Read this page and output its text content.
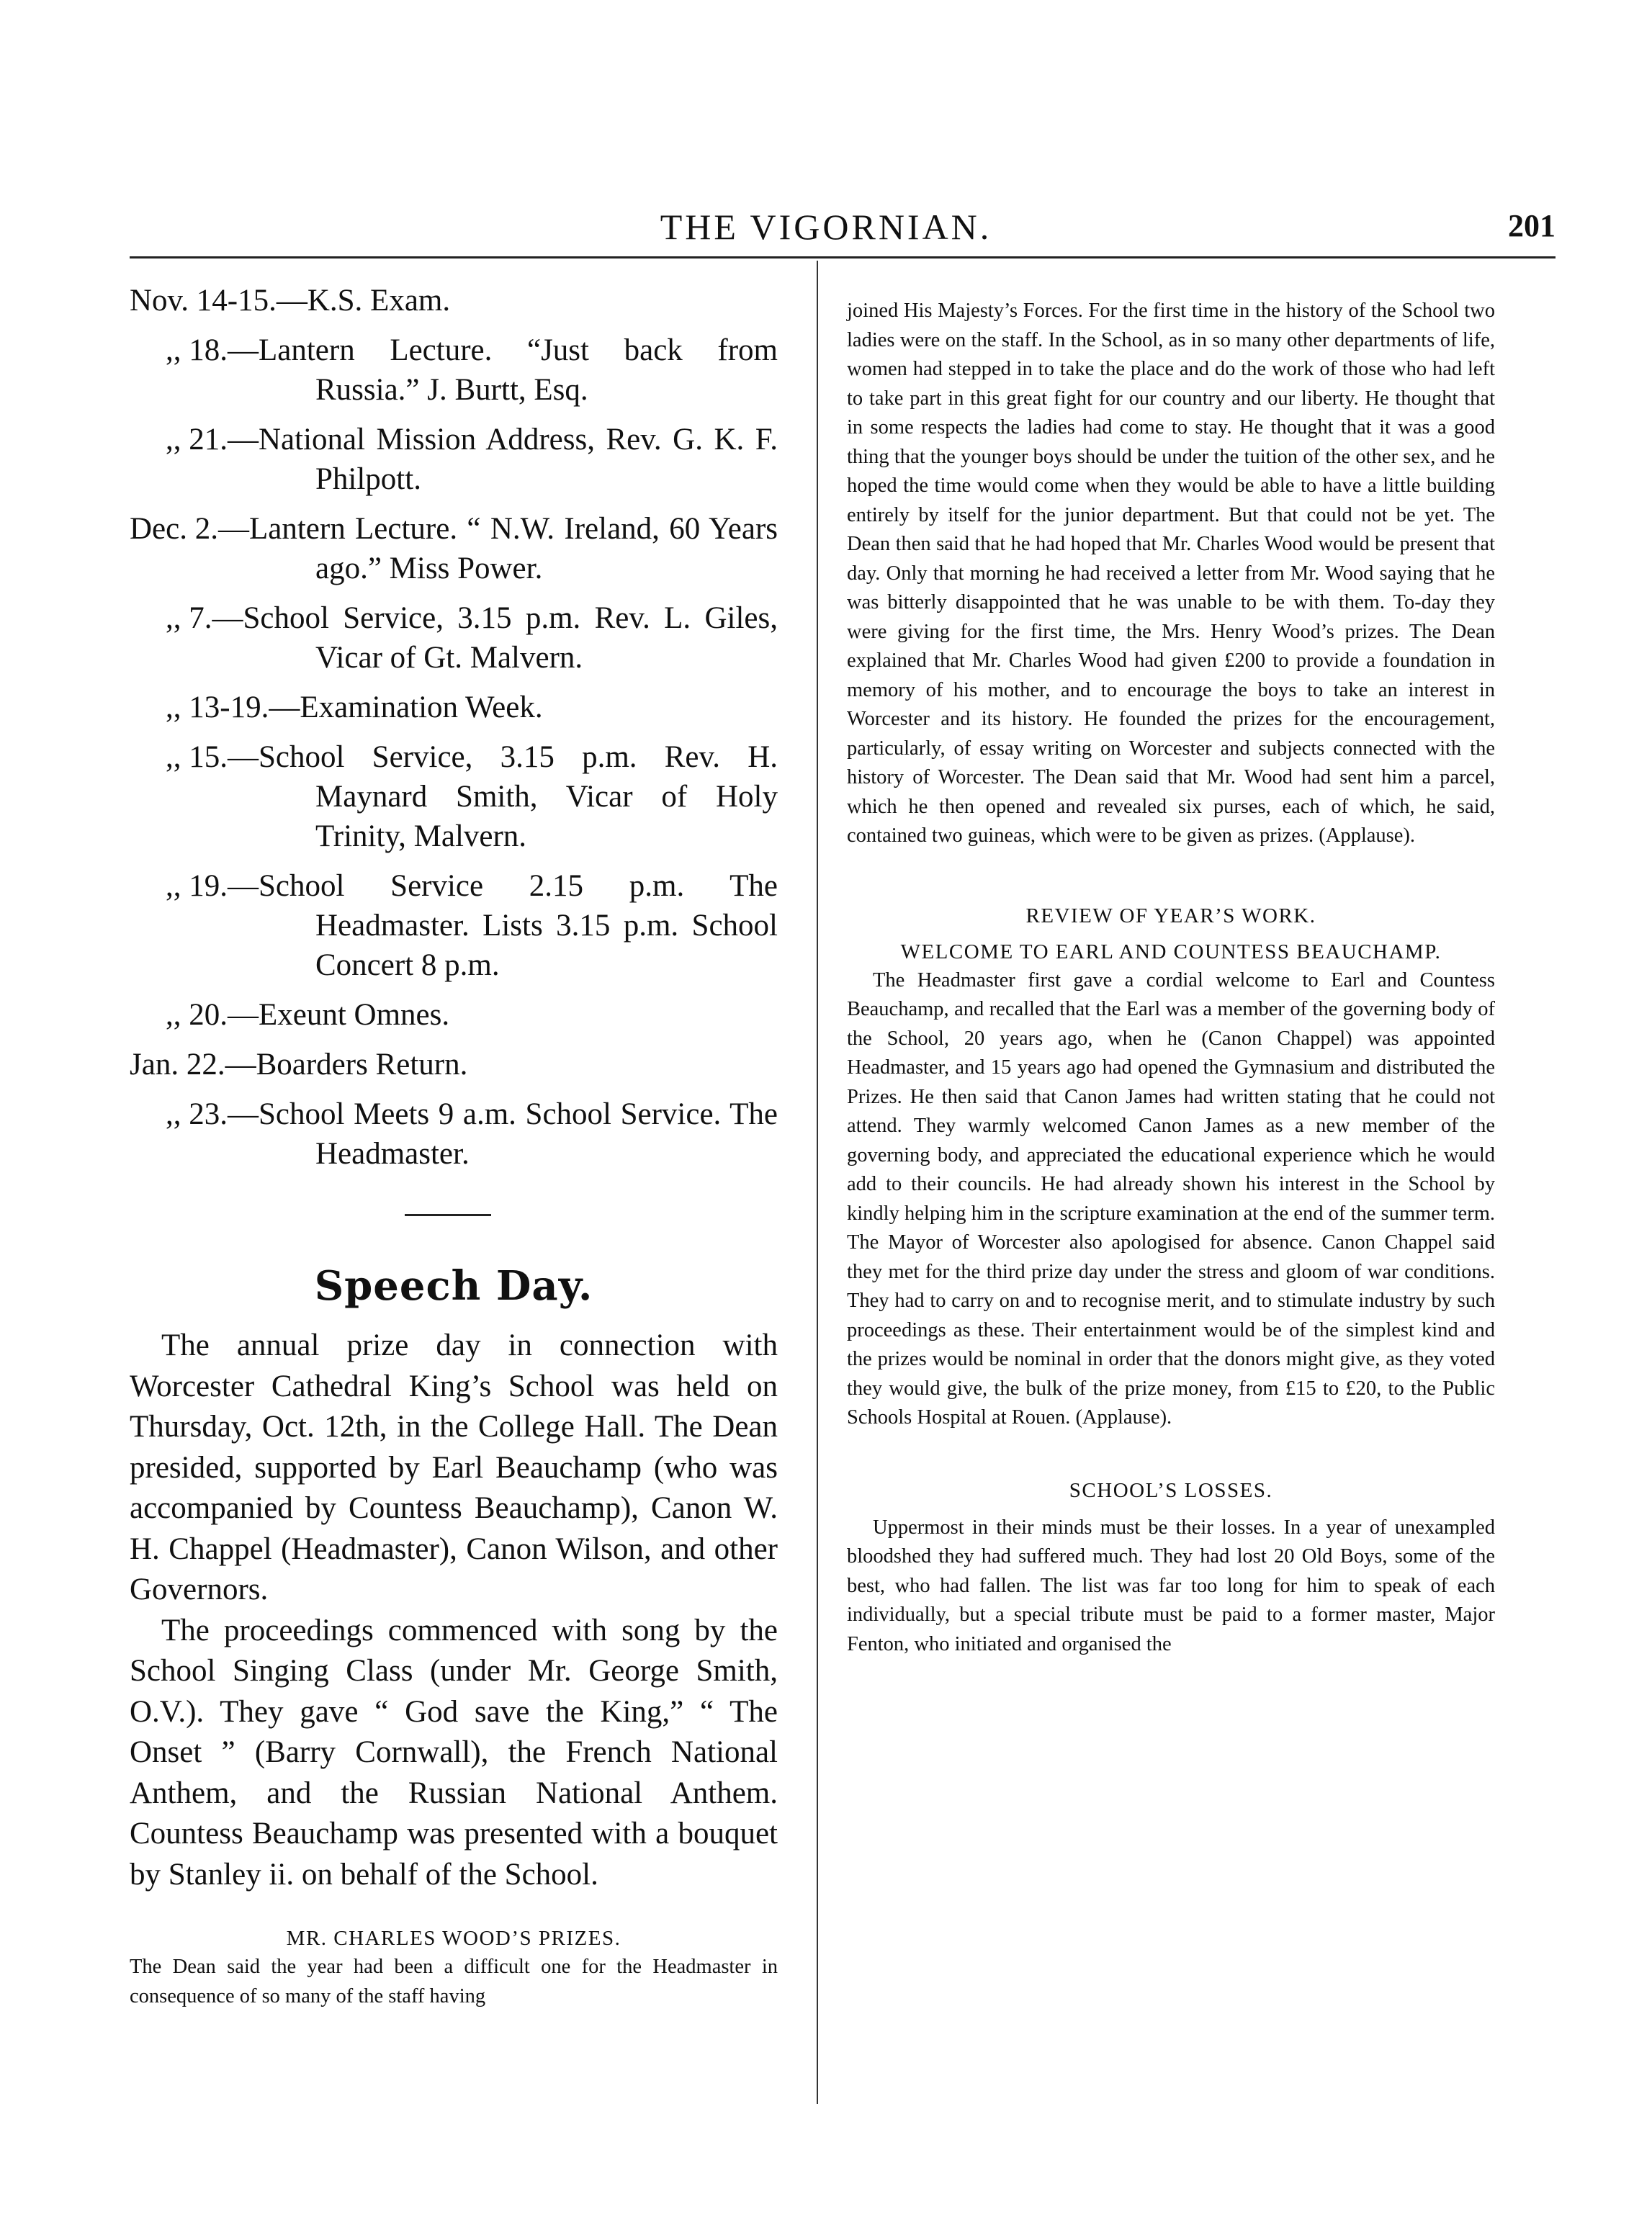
THE VIGORNIAN.	201
Nov. 14-15. —K.S. Exam.
,, 18. —Lantern Lecture. “Just back from Russia.” J. Burtt, Esq.
,, 21. —National Mission Address, Rev. G. K. F. Philpott.
Dec. 2. —Lantern Lecture. “ N.W. Ireland, 60 Years ago.” Miss Power.
,, 7. —School Service, 3.15 p.m. Rev. L. Giles, Vicar of Gt. Malvern.
,, 13-19. —Examination Week.
,, 15. —School Service, 3.15 p.m. Rev. H. Maynard Smith, Vicar of Holy Trinity, Malvern.
,, 19. —School Service 2.15 p.m. The Headmaster. Lists 3.15 p.m. School Concert 8 p.m.
,, 20. —Exeunt Omnes.
Jan. 22. —Boarders Return.
,, 23. —School Meets 9 a.m. School Service. The Headmaster.
Speech Day.

The annual prize day in connection with Worcester Cathedral King’s School was held on Thursday, Oct. 12th, in the College Hall. The Dean presided, supported by Earl Beauchamp (who was accompanied by Countess Beauchamp), Canon W. H. Chappel (Headmaster), Canon Wilson, and other Governors.

The proceedings commenced with song by the School Singing Class (under Mr. George Smith, O.V.). They gave “ God save the King,” “ The Onset ” (Barry Cornwall), the French National Anthem, and the Russian National Anthem. Countess Beauchamp was presented with a bouquet by Stanley ii. on behalf of the School.

MR. CHARLES WOOD’S PRIZES.

The Dean said the year had been a difficult one for the Headmaster in consequence of so many of the staff having

joined His Majesty’s Forces. For the first time in the history of the School two ladies were on the staff. In the School, as in so many other departments of life, women had stepped in to take the place and do the work of those who had left to take part in this great fight for our country and our liberty. He thought that in some respects the ladies had come to stay. He thought that it was a good thing that the younger boys should be under the tuition of the other sex, and he hoped the time would come when they would be able to have a little building entirely by itself for the junior department. But that could not be yet. The Dean then said that he had hoped that Mr. Charles Wood would be present that day. Only that morning he had received a letter from Mr. Wood saying that he was bitterly disappointed that he was unable to be with them. To-day they were giving for the first time, the Mrs. Henry Wood’s prizes. The Dean explained that Mr. Charles Wood had given £200 to provide a foundation in memory of his mother, and to encourage the boys to take an interest in Worcester and its history. He founded the prizes for the encouragement, particularly, of essay writing on Worcester and subjects connected with the history of Worcester. The Dean said that Mr. Wood had sent him a parcel, which he then opened and revealed six purses, each of which, he said, contained two guineas, which were to be given as prizes. (Applause).

REVIEW OF YEAR’S WORK.

WELCOME TO EARL AND COUNTESS BEAUCHAMP.

The Headmaster first gave a cordial welcome to Earl and Countess Beauchamp, and recalled that the Earl was a member of the governing body of the School, 20 years ago, when he (Canon Chappel) was appointed Headmaster, and 15 years ago had opened the Gymnasium and distributed the Prizes. He then said that Canon James had written stating that he could not attend. They warmly welcomed Canon James as a new member of the governing body, and appreciated the educational experience which he would add to their councils. He had already shown his interest in the School by kindly helping him in the scripture examination at the end of the summer term. The Mayor of Worcester also apologised for absence. Canon Chappel said they met for the third prize day under the stress and gloom of war conditions. They had to carry on and to recognise merit, and to stimulate industry by such proceedings as these. Their entertainment would be of the simplest kind and the prizes would be nominal in order that the donors might give, as they voted they would give, the bulk of the prize money, from £15 to £20, to the Public Schools Hospital at Rouen. (Applause).

SCHOOL’S LOSSES.

Uppermost in their minds must be their losses. In a year of unexampled bloodshed they had suffered much. They had lost 20 Old Boys, some of the best, who had fallen. The list was far too long for him to speak of each individually, but a special tribute must be paid to a former master, Major Fenton, who initiated and organised the
